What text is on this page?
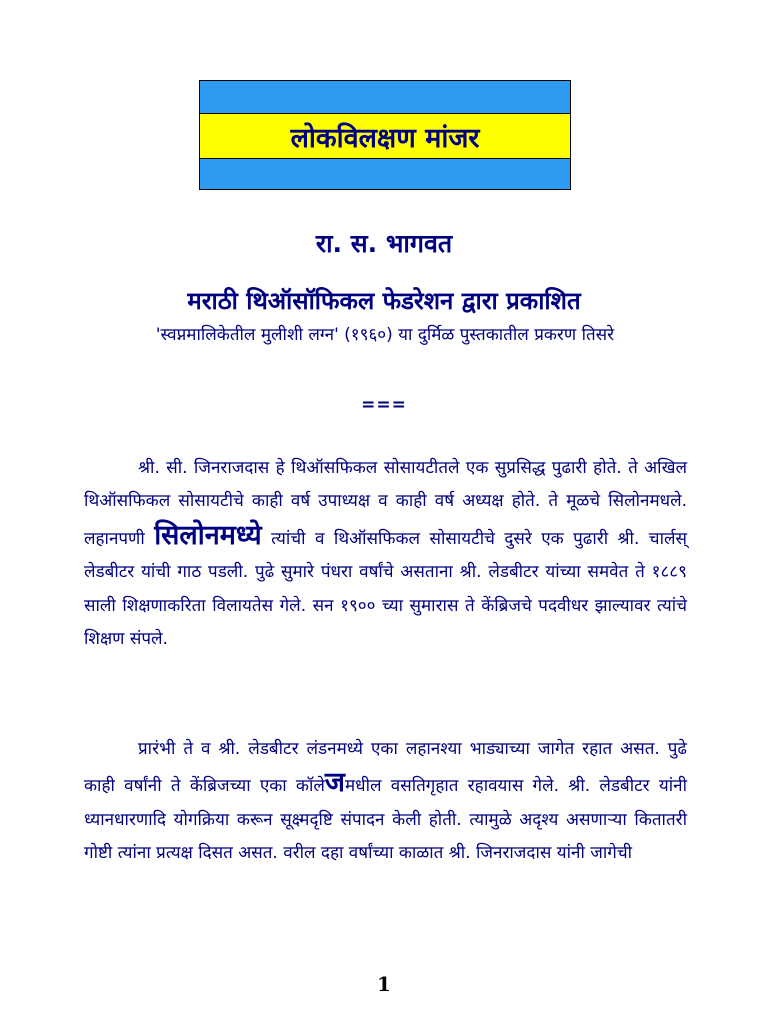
लोकविलक्षण मांजर
रा. स. भागवत
मराठी थिऑसॉफिकल फेडरेशन द्वारा प्रकाशित
'स्वप्नमालिकेतील मुलीशी लग्न' (१९६०) या दुर्मिळ पुस्तकातील प्रकरण तिसरे
===

श्री. सी. जिनराजदास हे थिऑसफिकल सोसायटीतले एक सुप्रसिद्ध पुढारी होते. ते अखिल थिऑसफिकल सोसायटीचे काही वर्ष उपाध्यक्ष व काही वर्ष अध्यक्ष होते. ते मूळचे सिलोनमधले. लहानपणी सिलोनमध्ये त्यांची व थिऑसफिकल सोसायटीचे दुसरे एक पुढारी श्री. चार्लस् लेडबीटर यांची गाठ पडली. पुढे सुमारे पंधरा वर्षांचे असताना श्री. लेडबीटर यांच्या समवेत ते १८८९ साली शिक्षणाकरिता विलायतेस गेले. सन १९०० च्या सुमारास ते केंब्रिजचे पदवीधर झाल्यावर त्यांचे शिक्षण संपले.

प्रारंभी ते व श्री. लेडबीटर लंडनमध्ये एका लहानश्या भाड्याच्या जागेत रहात असत. पुढे काही वर्षांनी ते केंब्रिजच्या एका कॉलेजमधील वसतिगृहात रहावयास गेले. श्री. लेडबीटर यांनी ध्यानधारणादि योगक्रिया करून सूक्ष्मदृष्टि संपादन केली होती. त्यामुळे अदृश्य असणाऱ्या कितातरी गोष्टी त्यांना प्रत्यक्ष दिसत असत. वरील दहा वर्षांच्या काळात श्री. जिनराजदास यांनी जागेची

1
